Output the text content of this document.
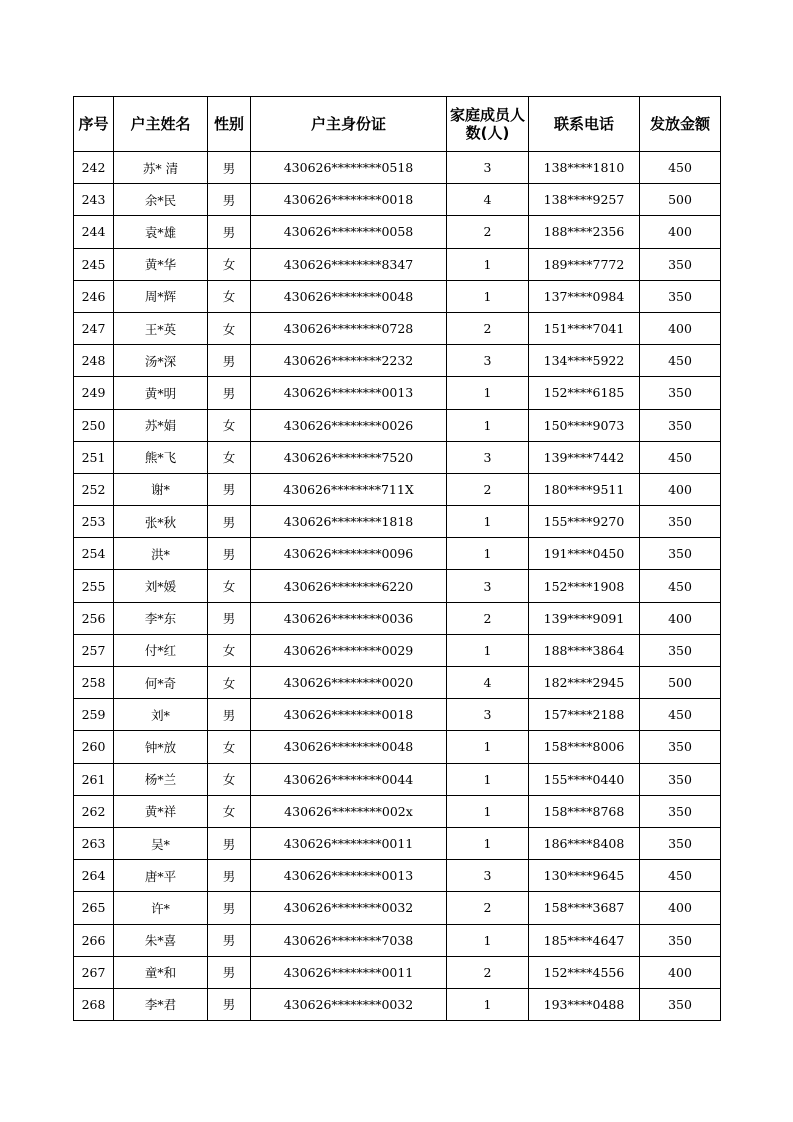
序号	户主姓名	性别	户主身份证	家庭成员人数(人)	联系电话	发放金额
242	苏* 清	男	430626********0518	3	138****1810	450
243	余*民	男	430626********0018	4	138****9257	500
244	袁*雄	男	430626********0058	2	188****2356	400
245	黄*华	女	430626********8347	1	189****7772	350
246	周*辉	女	430626********0048	1	137****0984	350
247	王*英	女	430626********0728	2	151****7041	400
248	汤*深	男	430626********2232	3	134****5922	450
249	黄*明	男	430626********0013	1	152****6185	350
250	苏*娟	女	430626********0026	1	150****9073	350
251	熊*飞	女	430626********7520	3	139****7442	450
252	谢*	男	430626********711X	2	180****9511	400
253	张*秋	男	430626********1818	1	155****9270	350
254	洪*	男	430626********0096	1	191****0450	350
255	刘*媛	女	430626********6220	3	152****1908	450
256	李*东	男	430626********0036	2	139****9091	400
257	付*红	女	430626********0029	1	188****3864	350
258	何*奇	女	430626********0020	4	182****2945	500
259	刘*	男	430626********0018	3	157****2188	450
260	钟*放	女	430626********0048	1	158****8006	350
261	杨*兰	女	430626********0044	1	155****0440	350
262	黄*祥	女	430626********002x	1	158****8768	350
263	吴*	男	430626********0011	1	186****8408	350
264	唐*平	男	430626********0013	3	130****9645	450
265	许*	男	430626********0032	2	158****3687	400
266	朱*喜	男	430626********7038	1	185****4647	350
267	童*和	男	430626********0011	2	152****4556	400
268	李*君	男	430626********0032	1	193****0488	350
